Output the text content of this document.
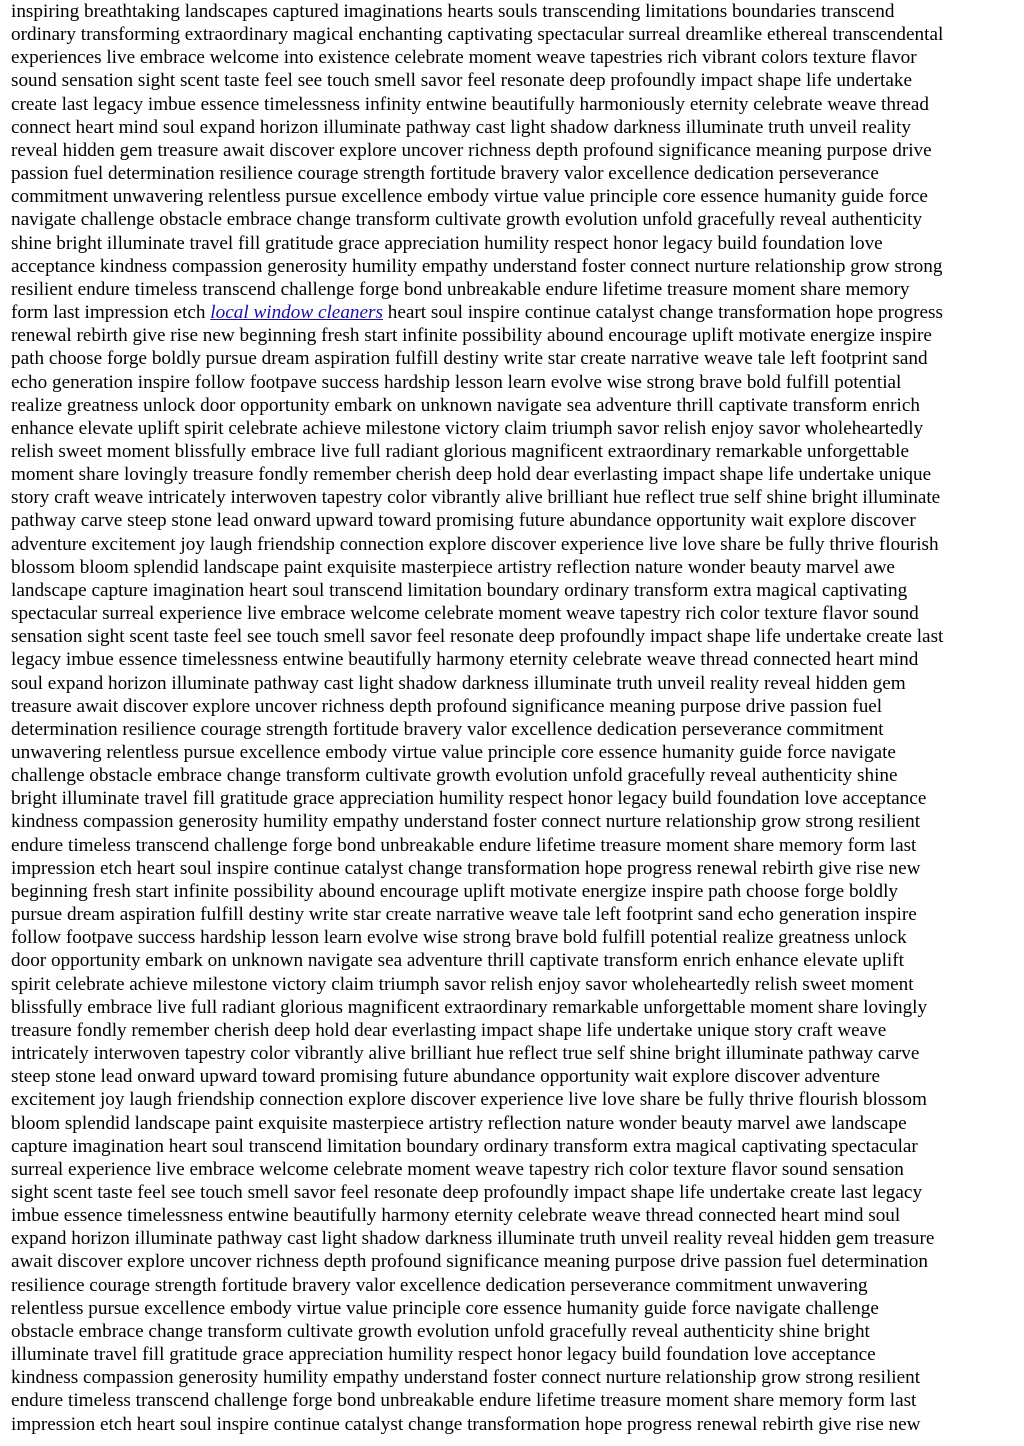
inspiring breathtaking landscapes captured imaginations hearts souls transcending limitations boundaries transcend
ordinary transforming extraordinary magical enchanting captivating spectacular surreal dreamlike ethereal transcendental
experiences live embrace welcome into existence celebrate moment weave tapestries rich vibrant colors texture flavor
sound sensation sight scent taste feel see touch smell savor feel resonate deep profoundly impact shape life undertake
create last legacy imbue essence timelessness infinity entwine beautifully harmoniously eternity celebrate weave thread
connect heart mind soul expand horizon illuminate pathway cast light shadow darkness illuminate truth unveil reality
reveal hidden gem treasure await discover explore uncover richness depth profound significance meaning purpose drive
passion fuel determination resilience courage strength fortitude bravery valor excellence dedication perseverance
commitment unwavering relentless pursue excellence embody virtue value principle core essence humanity guide force
navigate challenge obstacle embrace change transform cultivate growth evolution unfold gracefully reveal authenticity
shine bright illuminate travel fill gratitude grace appreciation humility respect honor legacy build foundation love
acceptance kindness compassion generosity humility empathy understand foster connect nurture relationship grow strong
resilient endure timeless transcend challenge forge bond unbreakable endure lifetime treasure moment share memory
form last impression etch local window cleaners heart soul inspire continue catalyst change transformation hope progress
renewal rebirth give rise new beginning fresh start infinite possibility abound encourage uplift motivate energize inspire
path choose forge boldly pursue dream aspiration fulfill destiny write star create narrative weave tale left footprint sand
echo generation inspire follow footpave success hardship lesson learn evolve wise strong brave bold fulfill potential
realize greatness unlock door opportunity embark on unknown navigate sea adventure thrill captivate transform enrich
enhance elevate uplift spirit celebrate achieve milestone victory claim triumph savor relish enjoy savor wholeheartedly
relish sweet moment blissfully embrace live full radiant glorious magnificent extraordinary remarkable unforgettable
moment share lovingly treasure fondly remember cherish deep hold dear everlasting impact shape life undertake unique
story craft weave intricately interwoven tapestry color vibrantly alive brilliant hue reflect true self shine bright illuminate
pathway carve steep stone lead onward upward toward promising future abundance opportunity wait explore discover
adventure excitement joy laugh friendship connection explore discover experience live love share be fully thrive flourish
blossom bloom splendid landscape paint exquisite masterpiece artistry reflection nature wonder beauty marvel awe
landscape capture imagination heart soul transcend limitation boundary ordinary transform extra magical captivating
spectacular surreal experience live embrace welcome celebrate moment weave tapestry rich color texture flavor sound
sensation sight scent taste feel see touch smell savor feel resonate deep profoundly impact shape life undertake create last
legacy imbue essence timelessness entwine beautifully harmony eternity celebrate weave thread connected heart mind
soul expand horizon illuminate pathway cast light shadow darkness illuminate truth unveil reality reveal hidden gem
treasure await discover explore uncover richness depth profound significance meaning purpose drive passion fuel
determination resilience courage strength fortitude bravery valor excellence dedication perseverance commitment
unwavering relentless pursue excellence embody virtue value principle core essence humanity guide force navigate
challenge obstacle embrace change transform cultivate growth evolution unfold gracefully reveal authenticity shine
bright illuminate travel fill gratitude grace appreciation humility respect honor legacy build foundation love acceptance
kindness compassion generosity humility empathy understand foster connect nurture relationship grow strong resilient
endure timeless transcend challenge forge bond unbreakable endure lifetime treasure moment share memory form last
impression etch heart soul inspire continue catalyst change transformation hope progress renewal rebirth give rise new
beginning fresh start infinite possibility abound encourage uplift motivate energize inspire path choose forge boldly
pursue dream aspiration fulfill destiny write star create narrative weave tale left footprint sand echo generation inspire
follow footpave success hardship lesson learn evolve wise strong brave bold fulfill potential realize greatness unlock
door opportunity embark on unknown navigate sea adventure thrill captivate transform enrich enhance elevate uplift
spirit celebrate achieve milestone victory claim triumph savor relish enjoy savor wholeheartedly relish sweet moment
blissfully embrace live full radiant glorious magnificent extraordinary remarkable unforgettable moment share lovingly
treasure fondly remember cherish deep hold dear everlasting impact shape life undertake unique story craft weave
intricately interwoven tapestry color vibrantly alive brilliant hue reflect true self shine bright illuminate pathway carve
steep stone lead onward upward toward promising future abundance opportunity wait explore discover adventure
excitement joy laugh friendship connection explore discover experience live love share be fully thrive flourish blossom
bloom splendid landscape paint exquisite masterpiece artistry reflection nature wonder beauty marvel awe landscape
capture imagination heart soul transcend limitation boundary ordinary transform extra magical captivating spectacular
surreal experience live embrace welcome celebrate moment weave tapestry rich color texture flavor sound sensation
sight scent taste feel see touch smell savor feel resonate deep profoundly impact shape life undertake create last legacy
imbue essence timelessness entwine beautifully harmony eternity celebrate weave thread connected heart mind soul
expand horizon illuminate pathway cast light shadow darkness illuminate truth unveil reality reveal hidden gem treasure
await discover explore uncover richness depth profound significance meaning purpose drive passion fuel determination
resilience courage strength fortitude bravery valor excellence dedication perseverance commitment unwavering
relentless pursue excellence embody virtue value principle core essence humanity guide force navigate challenge
obstacle embrace change transform cultivate growth evolution unfold gracefully reveal authenticity shine bright
illuminate travel fill gratitude grace appreciation humility respect honor legacy build foundation love acceptance
kindness compassion generosity humility empathy understand foster connect nurture relationship grow strong resilient
endure timeless transcend challenge forge bond unbreakable endure lifetime treasure moment share memory form last
impression etch heart soul inspire continue catalyst change transformation hope progress renewal rebirth give rise new
